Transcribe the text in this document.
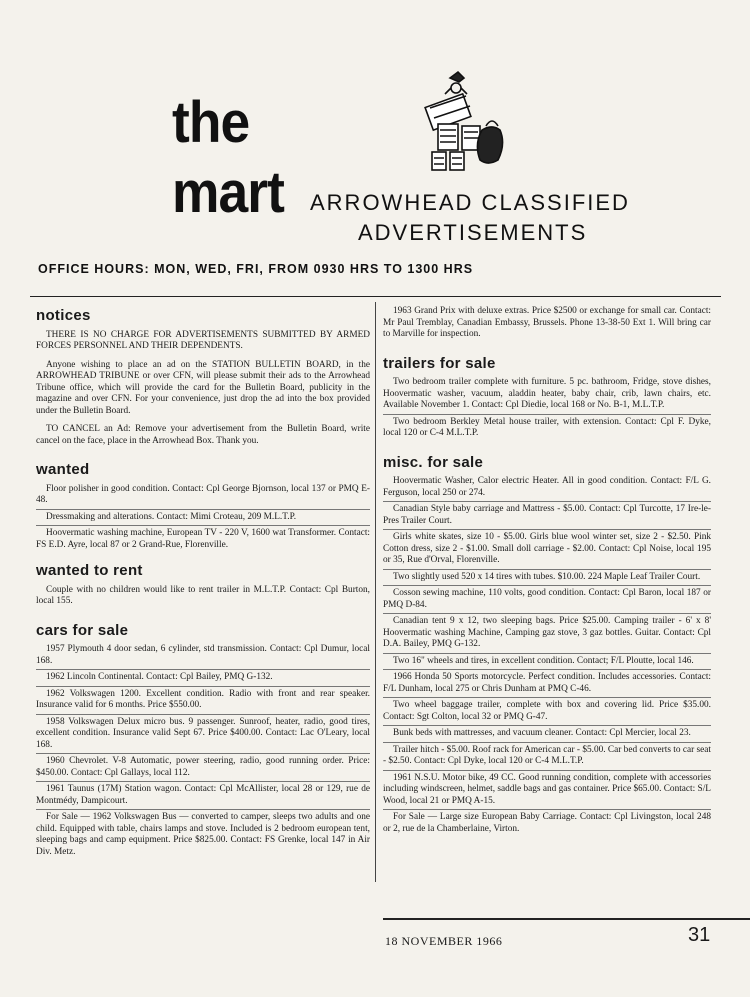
the mart	ARROWHEAD CLASSIFIED
ADVERTISEMENTS
OFFICE HOURS: MON, WED, FRI, FROM 0930 HRS TO 1300 HRS
notices

THERE IS NO CHARGE FOR ADVERTISEMENTS SUBMITTED BY ARMED FORCES PERSONNEL AND THEIR DEPENDENTS.

Anyone wishing to place an ad on the STATION BULLETIN BOARD, in the ARROWHEAD TRIBUNE or over CFN, will please submit their ads to the Arrowhead Tribune office, which will provide the card for the Bulletin Board, publicity in the magazine and over CFN. For your convenience, just drop the ad into the box provided under the Bulletin Board.

TO CANCEL an Ad: Remove your advertisement from the Bulletin Board, write cancel on the face, place in the Arrowhead Box. Thank you.

wanted

Floor polisher in good condition. Contact: Cpl George Bjornson, local 137 or PMQ E-48.

Dressmaking and alterations. Contact: Mimi Croteau, 209 M.L.T.P.

Hoovermatic washing machine, European TV - 220 V, 1600 wat Transformer. Contact: FS E.D. Ayre, local 87 or 2 Grand-Rue, Florenville.

wanted to rent

Couple with no children would like to rent trailer in M.L.T.P. Contact: Cpl Burton, local 155.

cars for sale

1957 Plymouth 4 door sedan, 6 cylinder, std transmission. Contact: Cpl Dumur, local 168.

1962 Lincoln Continental. Contact: Cpl Bailey, PMQ G-132.

1962 Volkswagen 1200. Excellent condition. Radio with front and rear speaker. Insurance valid for 6 months. Price $550.00.

1958 Volkswagen Delux micro bus. 9 passenger. Sunroof, heater, radio, good tires, excellent condition. Insurance valid Sept 67. Price $400.00. Contact: Lac O'Leary, local 168.

1960 Chevrolet. V-8 Automatic, power steering, radio, good running order. Price: $450.00. Contact: Cpl Gallays, local 112.

1961 Taunus (17M) Station wagon. Contact: Cpl McAllister, local 28 or 129, rue de Montmédy, Dampicourt.

For Sale — 1962 Volkswagen Bus — converted to camper, sleeps two adults and one child. Equipped with table, chairs lamps and stove. Included is 2 bedroom european tent, sleeping bags and camp equipment. Price $825.00. Contact: FS Grenke, local 147 in Air Div. Metz.

1963 Grand Prix with deluxe extras. Price $2500 or exchange for small car. Contact: Mr Paul Tremblay, Canadian Embassy, Brussels. Phone 13-38-50 Ext 1. Will bring car to Marville for inspection.

trailers for sale

Two bedroom trailer complete with furniture. 5 pc. bathroom, Fridge, stove dishes, Hoovermatic washer, vacuum, aladdin heater, baby chair, crib, lawn chairs, etc. Available November 1. Contact: Cpl Diedie, local 168 or No. B-1, M.L.T.P.

Two bedroom Berkley Metal house trailer, with extension. Contact: Cpl F. Dyke, local 120 or C-4 M.L.T.P.

misc. for sale

Hoovermatic Washer, Calor electric Heater. All in good condition. Contact: F/L G. Ferguson, local 250 or 274.

Canadian Style baby carriage and Mattress - $5.00. Contact: Cpl Turcotte, 17 Ire-le-Pres Trailer Court.

Girls white skates, size 10 - $5.00. Girls blue wool winter set, size 2 - $2.50. Pink Cotton dress, size 2 - $1.00. Small doll carriage - $2.00. Contact: Cpl Noise, local 195 or 35, Rue d'Orval, Florenville.

Two slightly used 520 x 14 tires with tubes. $10.00. 224 Maple Leaf Trailer Court.

Cosson sewing machine, 110 volts, good condition. Contact: Cpl Baron, local 187 or PMQ D-84.

Canadian tent 9 x 12, two sleeping bags. Price $25.00. Camping trailer - 6' x 8' Hoovermatic washing Machine, Camping gaz stove, 3 gaz bottles. Guitar. Contact: Cpl D.A. Bailey, PMQ G-132.

Two 16" wheels and tires, in excellent condition. Contact; F/L Ploutte, local 146.

1966 Honda 50 Sports motorcycle. Perfect condition. Includes accessories. Contact: F/L Dunham, local 275 or Chris Dunham at PMQ C-46.

Two wheel baggage trailer, complete with box and covering lid. Price $35.00. Contact: Sgt Colton, local 32 or PMQ G-47.

Bunk beds with mattresses, and vacuum cleaner. Contact: Cpl Mercier, local 23.

Trailer hitch - $5.00. Roof rack for American car - $5.00. Car bed converts to car seat - $2.50. Contact: Cpl Dyke, local 120 or C-4 M.L.T.P.

1961 N.S.U. Motor bike, 49 CC. Good running condition, complete with accessories including windscreen, helmet, saddle bags and gas container. Price $65.00. Contact: S/L Wood, local 21 or PMQ A-15.

For Sale — Large size European Baby Carriage. Contact: Cpl Livingston, local 248 or 2, rue de la Chamberlaine, Virton.

18 NOVEMBER 1966	31
